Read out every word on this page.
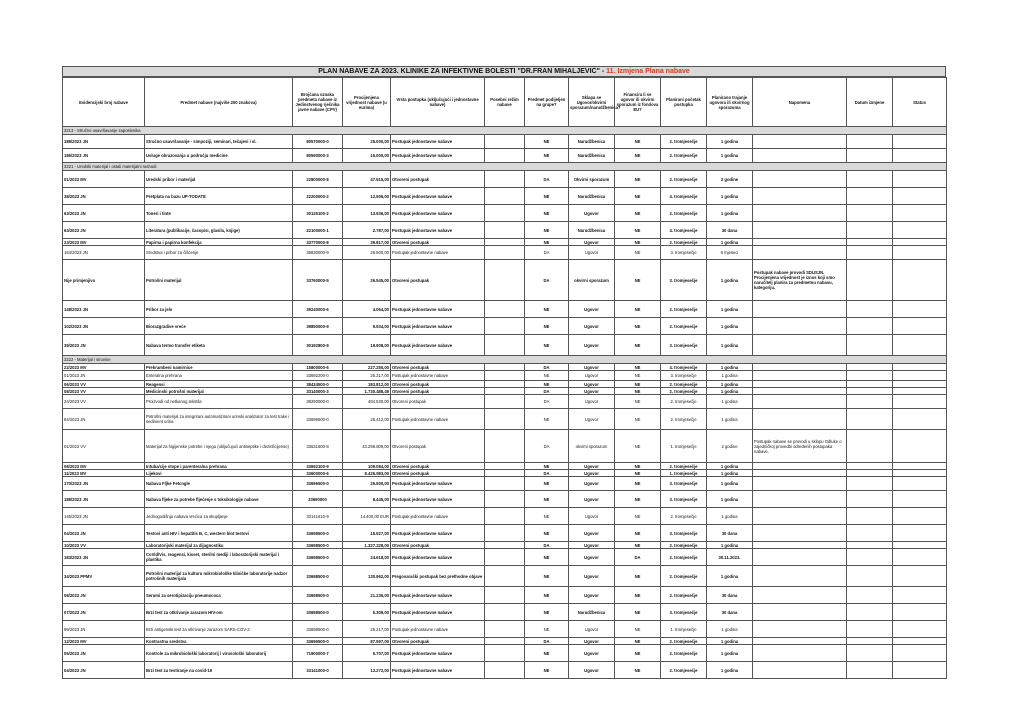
PLAN NABAVE ZA 2023. KLINIKE ZA INFEKTIVNE BOLESTI "DR.FRAN MIHALJEVIĆ" - 11. Izmjena Plana nabave
Evidencijski broj nabave	Predmet nabave (najviše 200 znakova)	Brojčana oznaka predmeta nabave iz Jedinstvenog rječnika javne nabave (CPV)	Procijenjena vrijednost nabave (u eurima)	Vrsta postupka (uključujući i jednostavne nabave)	Posebni režim nabave	Predmet podijeljen na grupe?	Sklapa se Ugovor/okvirni sporazum/narudžbenica?	Financira li se ugovor ili okvirni sporazum iz fondova EU?	Planirani početak postupka	Planirano trajanje ugovora ili okvirnog sporazuma	Napomena	Datum izmjene	Status
3213 - Stručno usavršavanje zaposlenika													
188/2023 JN	Stručno usavršavanje - simpoziji, seminari, tečajevi i sl.	80570000-0	25.000,00	Postupak jednostavne nabave		NE	Narudžbenica	NE	2. tromjesečje	1 godina			
186/2023 JN	Usluge obrazovanja u području medicine	80590000-3	15.000,00	Postupak jednostavne nabave		NE	Narudžbenica	NE	2. tromjesečje	1 godina			
3221 - Uredski materijal i ostali materijalni rashodi													
01/2023 MV	Uredski pribor i materijal	22800000-8	47.515,00	Otvoreni postupak		DA	Okvirni sporazum	NE	2. tromjesečje	2 godine			
38/2023 JN	Pretplata na bazu UP-TODATE	22200000-2	12.506,00	Postupak jednostavne nabave		NE	Narudžbenica	NE	4. tromjesečje	1 godina			
63/2023 JN	Toneri i tinte	30125100-2	13.936,00	Postupak jednostavne nabave		NE	Ugovor	NE	2. tromjesečje	1 godina			
63/2023 JN	Literatura (publikacije, časopisi, glasila, knjige)	22100000-1	2.787,00	Postupak jednostavne nabave		NE	Narudžbenica	NE	4. tromjesečje	30 dana			
23/2023 MV	Papirna i papirna konfekcija	33770000-8	39.817,00	Otvoreni postupak		NE	Ugovor	NE	2. tromjesečje	1 godina			
164/2023 JN	Sredstva i pribor za čišćenje	39830000-9	26.500,00	Postupak jednostavne nabave		DA	Ugovor	NE	3. tromjesečje	6 mjeseci			
Nije primjenjivo	Potrošni materijal	33760000-5	26.545,00	Otvoreni postupak		DA	okvirni sporazum	NE	3. tromjesečje	1 godina	Postupak nabave provodi SDUSJN. Procijenjena vrijednost je iznos koji smo naručitelj planira za predmetnu nabavu, kategoriju.		
148/2023 JN	Pribor za jelo	39240000-6	4.064,00	Postupak jednostavne nabave		NE	Ugovor	NE	2. tromjesečje	1 godina			
102/2023 JN	Biorazgradive vreće	39850000-9	9.934,00	Postupak jednostavne nabave		NE	Ugovor	NE	2. tromjesečje	1 godina			
39/2023 JN	Nabava termo transfer etiketa	30192800-9	19.908,00	Postupak jednostavne nabave		NE	Ugovor	NE	3. tromjesečje	1 godina			
3222 - Materijal i sirovine													
22/2023 MV	Prehrambeni namirnice	15800000-6	227.250,00	Otvoreni postupak		DA	Ugovor	NE	4. tromjesečje	1 godina			
01/2023 JN	Enteralna prehrana	33692200-0	25.217,00	Postupak jednostavne nabave		NE	Ugovor	NE	3. tromjesečje	1 godina			
06/2023 VV	Reagensi	38434500-0	183.812,00	Otvoreni postupak		NE	Ugovor	NE	2. tromjesečje	1 godina			
08/2023 VV	Medicinski potrošni materijal	33140000-3	1.730.488,49	Otvoreni postupak		DA	Ugovor	NE	2. tromjesečje	1 godina			
24/2023 VV	Proizvodi od netkanog tekstila	39290000-0	484.530,00	Otvoreni postupak		DA	Ugovor	NE	2. tromjesečje	1 godina			
84/2023 JN	Potrošni materijal za integrirani automatizirani urinski analizator za test trake i sediment urina	33696500-0	26.412,00	Postupak jednostavne nabave		NE	Ugovor	NE	2. tromjesečje	1 godina			
01/2023 VV	Materijal za higijenske potrebe i njegu (uključujući antiseptike i dezinficijense)	33631600-8	43.296.809,00	Otvoreni postupak		DA	okvirni sporazum	NE	1. tromjesečje	2 godine	Postupak nabave se provodi u sklopu Odluke o zajedničkoj provedbi određenih postupaka nabave.		
08/2023 MV	Intuba/cije stope i parenteralna prehrana	33692100-9	109.084,00	Otvoreni postupak		NE	Ugovor	NE	2. tromjesečje	1 godina			
11/2023 MV	Lijekovi	33600000-6	8.426.983,00	Otvoreni postupak		DA	Ugovor	NE	1. tromjesečje	1 godina			
170/2023 JN	Nabava Fljke Fetcngle	33696500-0	25.500,00	Postupak jednostavne nabave		NE	Ugovor	NE	3. tromjesečje	1 godina			
188/2023 JN	Nabava fljeke za potrebe fljećenje s toksikologije nabave	33690000	8.445,00	Postupak jednostavne nabave		NE	Ugovor	NE	3. tromjesečje	1 godina			
145/2023 JN	Jednogodišnja nabava vrećica za skupljanje	33141610-9	14.400,00 EUR	Postupak jednostavne nabave		NE	Ugovor	NE	2. tromjesečje	1 godina			
04/2023 JN	Testovi anti HIV i hepatitis B, C, western blot testovi	33698500-0	15.927,00	Postupak jednostavne nabave		NE	Ugovor	NE	3. tromjesečje	30 dana			
10/2023 VV	Laboratorijski materijal za dijagnostiku	33698500-0	1.327.228,00	Otvoreni postupak		DA	Ugovor	NE	2. tromjesečje	1 godina			
183/2023 JN	CoVid/Vis, reagensi, kisset, sterilni mediji i laboratorijski materijal i plastika	33698500-0	24.618,00	Postupak jednostavne nabave		NE	Ugovor	DA	2. tromjesečje	30.11.2023.			
34/2023 PPMV	Potrošni materijal za kulturu mikrobiološke kliničke laboratorije nadzor potrošnih materijala	33698500-0	130.962,00	Pregovarački postupak bez prethodne objave		NE	Ugovor	NE	2. tromjesečje	1 godina			
08/2023 JN	Serumi za serotipizaciju pneumococa	33698500-0	21.236,00	Postupak jednostavne nabave		NE	Ugovor	NE	2. tromjesečje	30 dana			
07/2023 JN	Brzi test za otkrivanje zarazom HIV-om	33698500-0	5.309,00	Postupak jednostavne nabave		NE	Narudžbenica	NE	3. tromjesečje	30 dana			
99/2023 JN	Brzi antigenski test za otkrivanje zarazom SARS-COV-2	33698500-0	25.217,00	Postupak jednostavne nabave		NE	Ugovor	NE	1. tromjesečje	1 godina			
12/2023 MV	Kontrastna sredstva	33696500-0	87.597,00	Otvoreni postupak		DA	Ugovor	NE	2. tromjesečje	1 godina			
05/2023 JN	Kontrole za mikrobiološki laboratorij i virusološki laboratorij	71900000-7	5.707,00	Postupak jednostavne nabave		NE	Ugovor	NE	2. tromjesečje	1 godina			
04/2023 JN	Brzi test za testiranje na covid-19	33141000-0	13.272,00	Postupak jednostavne nabave		NE	Ugovor	NE	2. tromjesečje	1 godina			
